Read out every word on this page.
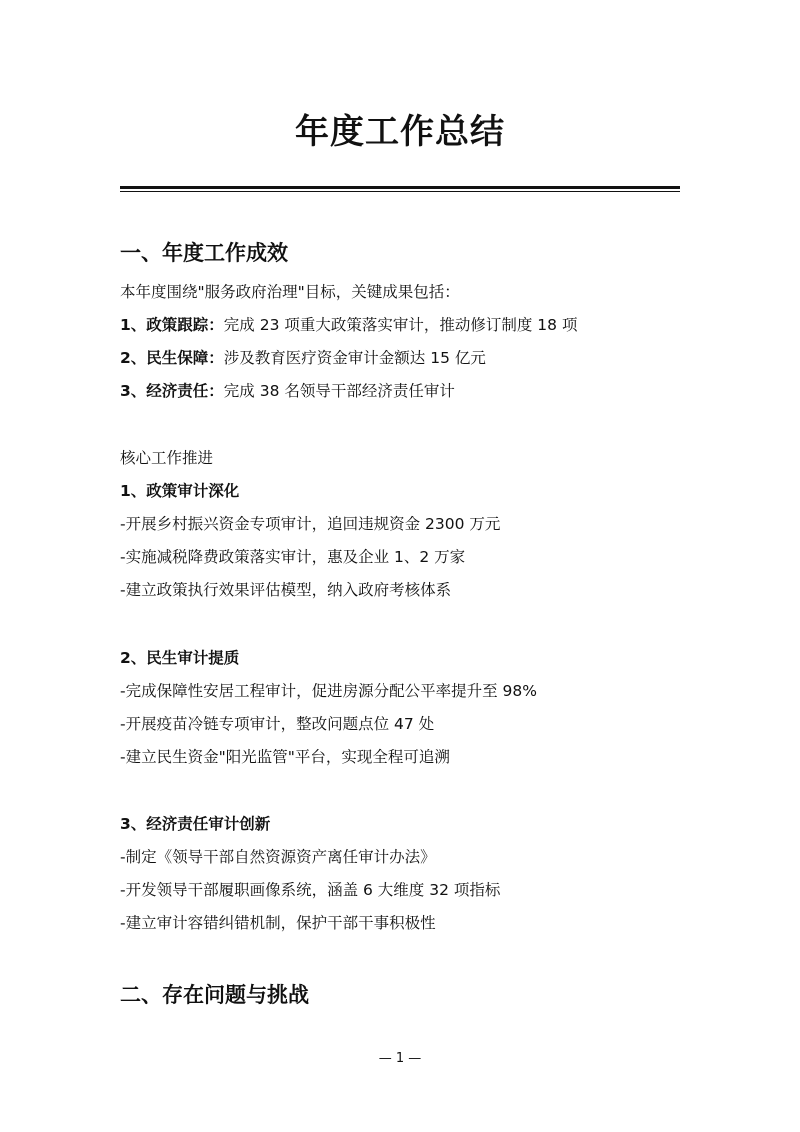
年度工作总结
一、年度工作成效
本年度围绕"服务政府治理"目标，关键成果包括：
1、政策跟踪：完成 23 项重大政策落实审计，推动修订制度 18 项
2、民生保障：涉及教育医疗资金审计金额达 15 亿元
3、经济责任：完成 38 名领导干部经济责任审计
核心工作推进
1、政策审计深化
-开展乡村振兴资金专项审计，追回违规资金 2300 万元
-实施减税降费政策落实审计，惠及企业 1、2 万家
-建立政策执行效果评估模型，纳入政府考核体系
2、民生审计提质
-完成保障性安居工程审计，促进房源分配公平率提升至 98%
-开展疫苗冷链专项审计，整改问题点位 47 处
-建立民生资金"阳光监管"平台，实现全程可追溯
3、经济责任审计创新
-制定《领导干部自然资源资产离任审计办法》
-开发领导干部履职画像系统，涵盖 6 大维度 32 项指标
-建立审计容错纠错机制，保护干部干事积极性
二、存在问题与挑战
— 1 —
